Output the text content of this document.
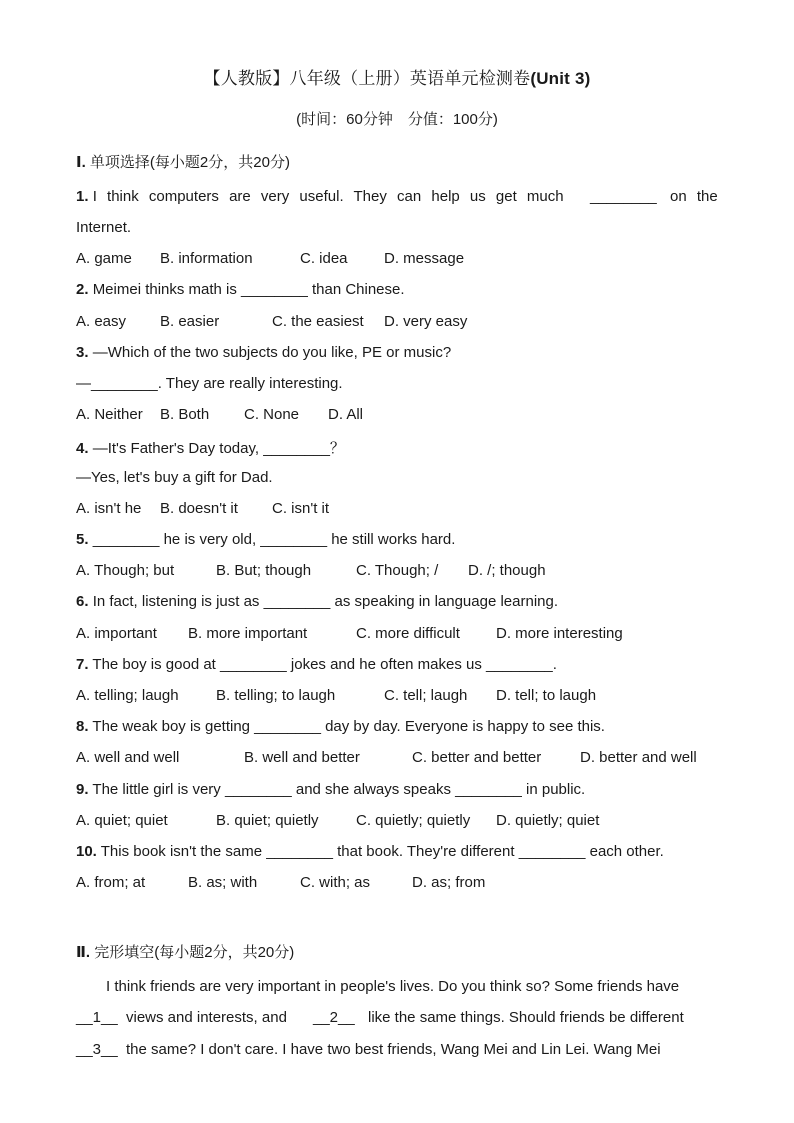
【人教版】八年级（上册）英语单元检测卷(Unit 3)
(时间：60分钟　分值：100分)
Ⅰ. 单项选择(每小题2分，共20分)
1. I think computers are very useful. They can help us get much ________ on the
Internet.
A. game B. information	C. idea D. message
2. Meimei thinks math is ________ than Chinese.
A. easy B. easier	C. the easiest D. very easy
3. —Which of the two subjects do you like, PE or music?
—________. They are really interesting.
A. Neither B. Both C. None D. All
4. —It's Father's Day today, ________？
—Yes, let's buy a gift for Dad.
A. isn't he B. doesn't it C. isn't it
5. ________ he is very old, ________ he still works hard.
A. Though; but	B. But; though	C. Though; / D. /; though
6. In fact, listening is just as ________ as speaking in language learning.
A. important B. more important	C. more difficult D. more interesting
7. The boy is good at ________ jokes and he often makes us ________.
A. telling; laugh B. telling; to laugh	C. tell; laugh D. tell; to laugh
8. The weak boy is getting ________ day by day. Everyone is happy to see this.
A. well and well	B. well and better	C. better and better	D. better and well
9. The little girl is very ________ and she always speaks ________ in public.
A. quiet; quiet	B. quiet; quietly C. quietly; quietly D. quietly; quiet
10. This book isn't the same ________ that book. They're different ________ each other.
A. from; at	B. as; with	C. with; as	D. as; from
Ⅱ. 完形填空(每小题2分，共20分)
I think friends are very important in people's lives. Do you think so? Some friends have
__1__ views and interests, and __2__ like the same things. Should friends be different
__3__ the same? I don't care. I have two best friends, Wang Mei and Lin Lei. Wang Mei
